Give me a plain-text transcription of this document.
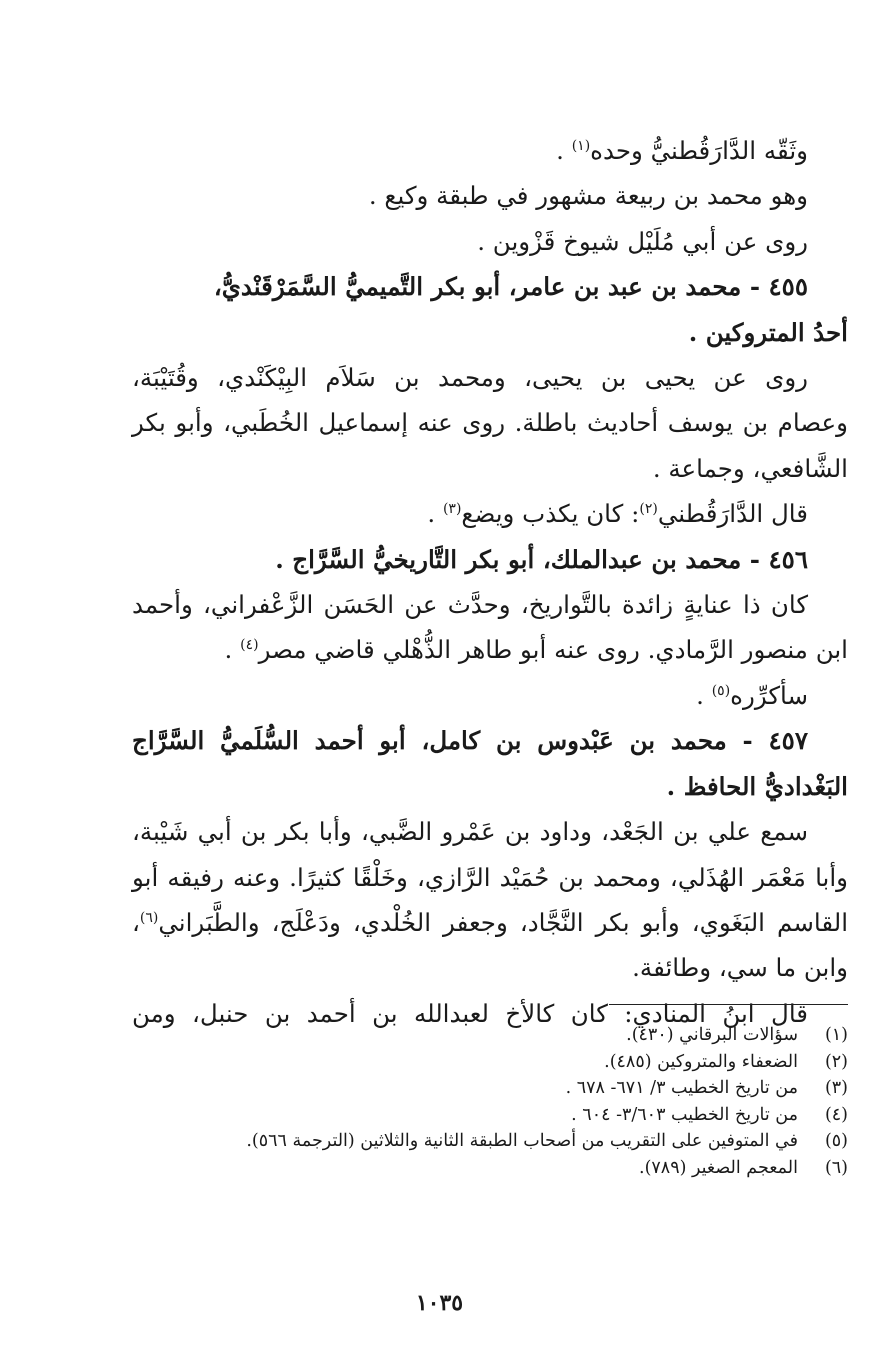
وثَقّه الدَّارَقُطنيُّ وحده$^{(١)}$ .
وهو محمد بن ربيعة مشهور في طبقة وكيع .
روى عن أبي مُلَيْل شيوخ قَزْوين .
٤٥٥ - محمد بن عبد بن عامر، أبو بكر التَّميميُّ السَّمَرْقَنْديُّ،
أحدُ المتروكين .
روى عن يحيى بن يحيى، ومحمد بن سَلاَم البِيْكَنْدي، وقُتَيْبَة،
وعصام بن يوسف أحاديث باطلة. روى عنه إسماعيل الخُطَبي، وأبو بكر
الشَّافعي، وجماعة .
قال الدَّارَقُطني$^{(٢)}$: كان يكذب ويضع$^{(٣)}$ .
٤٥٦ - محمد بن عبدالملك، أبو بكر التَّاريخيُّ السَّرَّاج .
كان ذا عنايةٍ زائدة بالتَّواريخ، وحدَّث عن الحَسَن الزَّعْفراني، وأحمد
ابن منصور الرَّمادي. روى عنه أبو طاهر الذُّهْلي قاضي مصر$^{(٤)}$ .
سأكرِّره$^{(٥)}$ .
٤٥٧ - محمد بن عَبْدوس بن كامل، أبو أحمد السُّلَميُّ السَّرَّاج
البَغْداديُّ الحافظ .
سمع علي بن الجَعْد، وداود بن عَمْرو الضَّبي، وأبا بكر بن أبي شَيْبة،
وأبا مَعْمَر الهُذَلي، ومحمد بن حُمَيْد الرَّازي، وخَلْقًا كثيرًا. وعنه رفيقه أبو
القاسم البَغَوي، وأبو بكر النَّجَّاد، وجعفر الخُلْدي، ودَعْلَج، والطَّبَراني$^{(٦)}$،
وابن ما سي، وطائفة.
قال ابنُ المنادي: كان كالأخ لعبدالله بن أحمد بن حنبل، ومن
(١)
سؤالات البرقاني (٤٣٠).
(٢)
الضعفاء والمتروكين (٤٨٥).
(٣)
من تاريخ الخطيب ٣/ ٦٧١- ٦٧٨ .
(٤)
من تاريخ الخطيب ٣/٦٠٣- ٦٠٤ .
(٥)
في المتوفين على التقريب من أصحاب الطبقة الثانية والثلاثين (الترجمة ٥٦٦).
(٦)
المعجم الصغير (٧٨٩).
١٠٣٥
